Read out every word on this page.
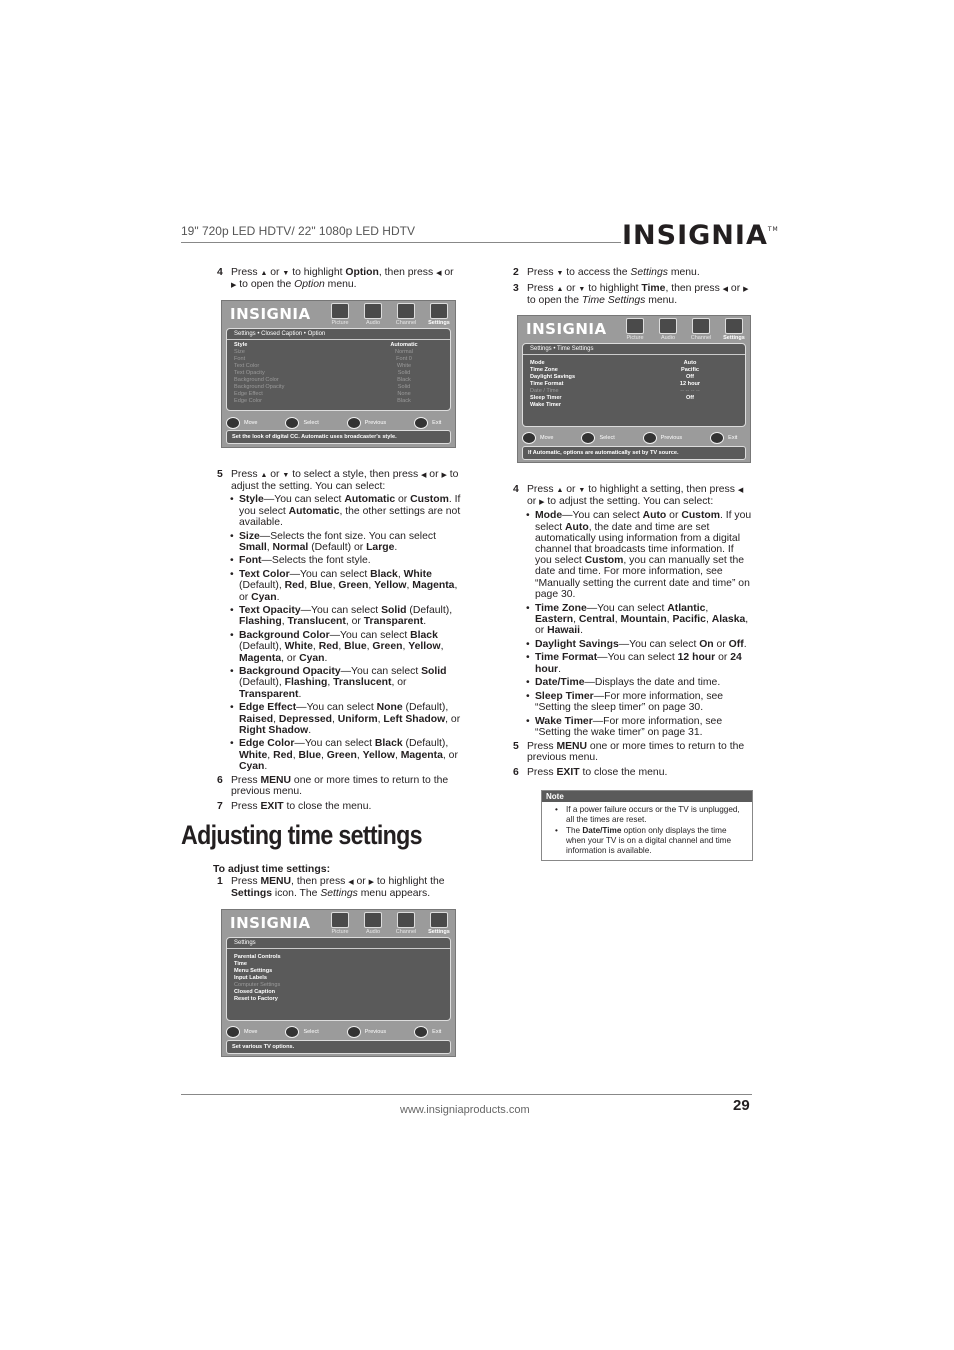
19" 720p LED HDTV/ 22" 1080p LED HDTV	INSIGNIA™
4 Press ▲ or ▼ to highlight Option, then press ◀ or ▶ to open the Option menu.
INSIGNIA	Picture	Audio	Channel	Settings
Settings • Closed Caption • Option
Style	Automatic
Size	Normal
Font	Font 0
Text Color	White
Text Opacity	Solid
Background Color	Black
Background Opacity	Solid
Edge Effect	None
Edge Color	Black
Move	Select	Previous	Exit
Set the look of digital CC. Automatic uses broadcaster's style.
5 Press ▲ or ▼ to select a style, then press ◀ or ▶ to adjust the setting. You can select:
• Style—You can select Automatic or Custom. If you select Automatic, the other settings are not available.
• Size—Selects the font size. You can select Small, Normal (Default) or Large.
• Font—Selects the font style.
• Text Color—You can select Black, White (Default), Red, Blue, Green, Yellow, Magenta, or Cyan.
• Text Opacity—You can select Solid (Default), Flashing, Translucent, or Transparent.
• Background Color—You can select Black (Default), White, Red, Blue, Green, Yellow, Magenta, or Cyan.
• Background Opacity—You can select Solid (Default), Flashing, Translucent, or Transparent.
• Edge Effect—You can select None (Default), Raised, Depressed, Uniform, Left Shadow, or Right Shadow.
• Edge Color—You can select Black (Default), White, Red, Blue, Green, Yellow, Magenta, or Cyan.
6 Press MENU one or more times to return to the previous menu.
7 Press EXIT to close the menu.
Adjusting time settings
To adjust time settings:
1 Press MENU, then press ◀ or ▶ to highlight the Settings icon. The Settings menu appears.
INSIGNIA	Picture	Audio	Channel	Settings
Settings
Parental Controls
Time
Menu Settings
Input Labels
Computer Settings
Closed Caption
Reset to Factory
Move	Select	Previous	Exit
Set various TV options.
2 Press ▼ to access the Settings menu.
3 Press ▲ or ▼ to highlight Time, then press ◀ or ▶ to open the Time Settings menu.
INSIGNIA	Picture	Audio	Channel	Settings
Settings • Time Settings
Mode	Auto
Time Zone	Pacific
Daylight Savings	Off
Time Format	12 hour
Date / Time	-- -- -- --
Sleep Timer	Off
Wake Timer
Move	Select	Previous	Exit
If Automatic, options are automatically set by TV source.
4 Press ▲ or ▼ to highlight a setting, then press ◀ or ▶ to adjust the setting. You can select:
• Mode—You can select Auto or Custom. If you select Auto, the date and time are set automatically using information from a digital channel that broadcasts time information. If you select Custom, you can manually set the date and time. For more information, see “Manually setting the current date and time” on page 30.
• Time Zone—You can select Atlantic, Eastern, Central, Mountain, Pacific, Alaska, or Hawaii.
• Daylight Savings—You can select On or Off.
• Time Format—You can select 12 hour or 24 hour.
• Date/Time—Displays the date and time.
• Sleep Timer—For more information, see “Setting the sleep timer” on page 30.
• Wake Timer—For more information, see “Setting the wake timer” on page 31.
5 Press MENU one or more times to return to the previous menu.
6 Press EXIT to close the menu.
Note
• If a power failure occurs or the TV is unplugged, all the times are reset.
• The Date/Time option only displays the time when your TV is on a digital channel and time information is available.
www.insigniaproducts.com	29
